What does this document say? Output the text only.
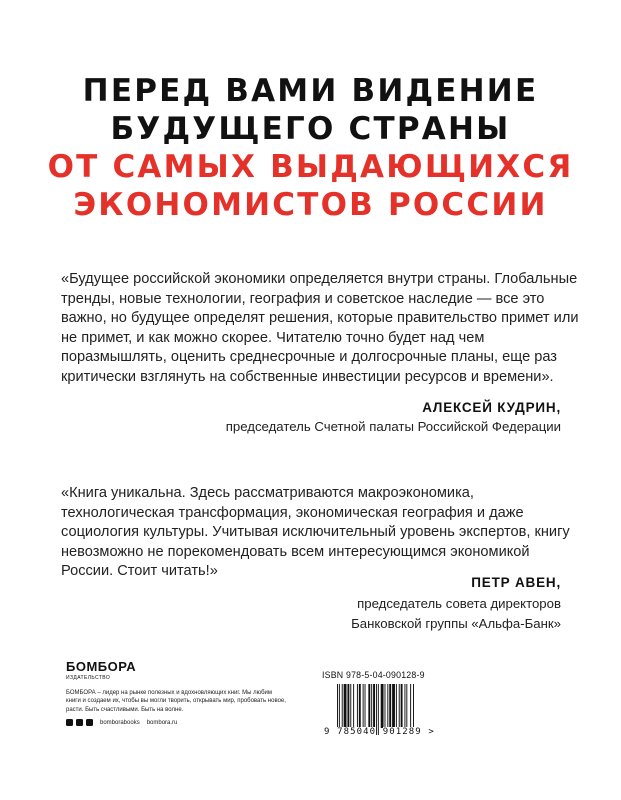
ПЕРЕД ВАМИ ВИДЕНИЕ
БУДУЩЕГО СТРАНЫ
ОТ САМЫХ ВЫДАЮЩИХСЯ
ЭКОНОМИСТОВ РОССИИ
«Будущее российской экономики определяется внутри страны. Глобальные тренды, новые технологии, география и советское наследие — все это важно, но будущее определят решения, которые правительство примет или не примет, и как можно скорее. Читателю точно будет над чем поразмышлять, оценить среднесрочные и долгосрочные планы, еще раз критически взглянуть на собственные инвестиции ресурсов и времени».
АЛЕКСЕЙ КУДРИН,
председатель Счетной палаты Российской Федерации
«Книга уникальна. Здесь рассматриваются макроэкономика, технологическая трансформация, экономическая география и даже социология культуры. Учитывая исключительный уровень экспертов, книгу невозможно не порекомендовать всем интересующимся экономикой России. Стоит читать!»
ПЕТР АВЕН,
председатель совета директоров
Банковской группы «Альфа-Банк»
БОМБОРА
ИЗДАТЕЛЬСТВО
БОМБОРА – лидер на рынке полезных и вдохновляющих книг. Мы любим книги и создаем их, чтобы вы могли творить, открывать мир, пробовать новое, расти. Быть счастливыми. Быть на волне.
bomborabooks bombora.ru
ISBN 978-5-04-090128-9
9 785040 901289 >
